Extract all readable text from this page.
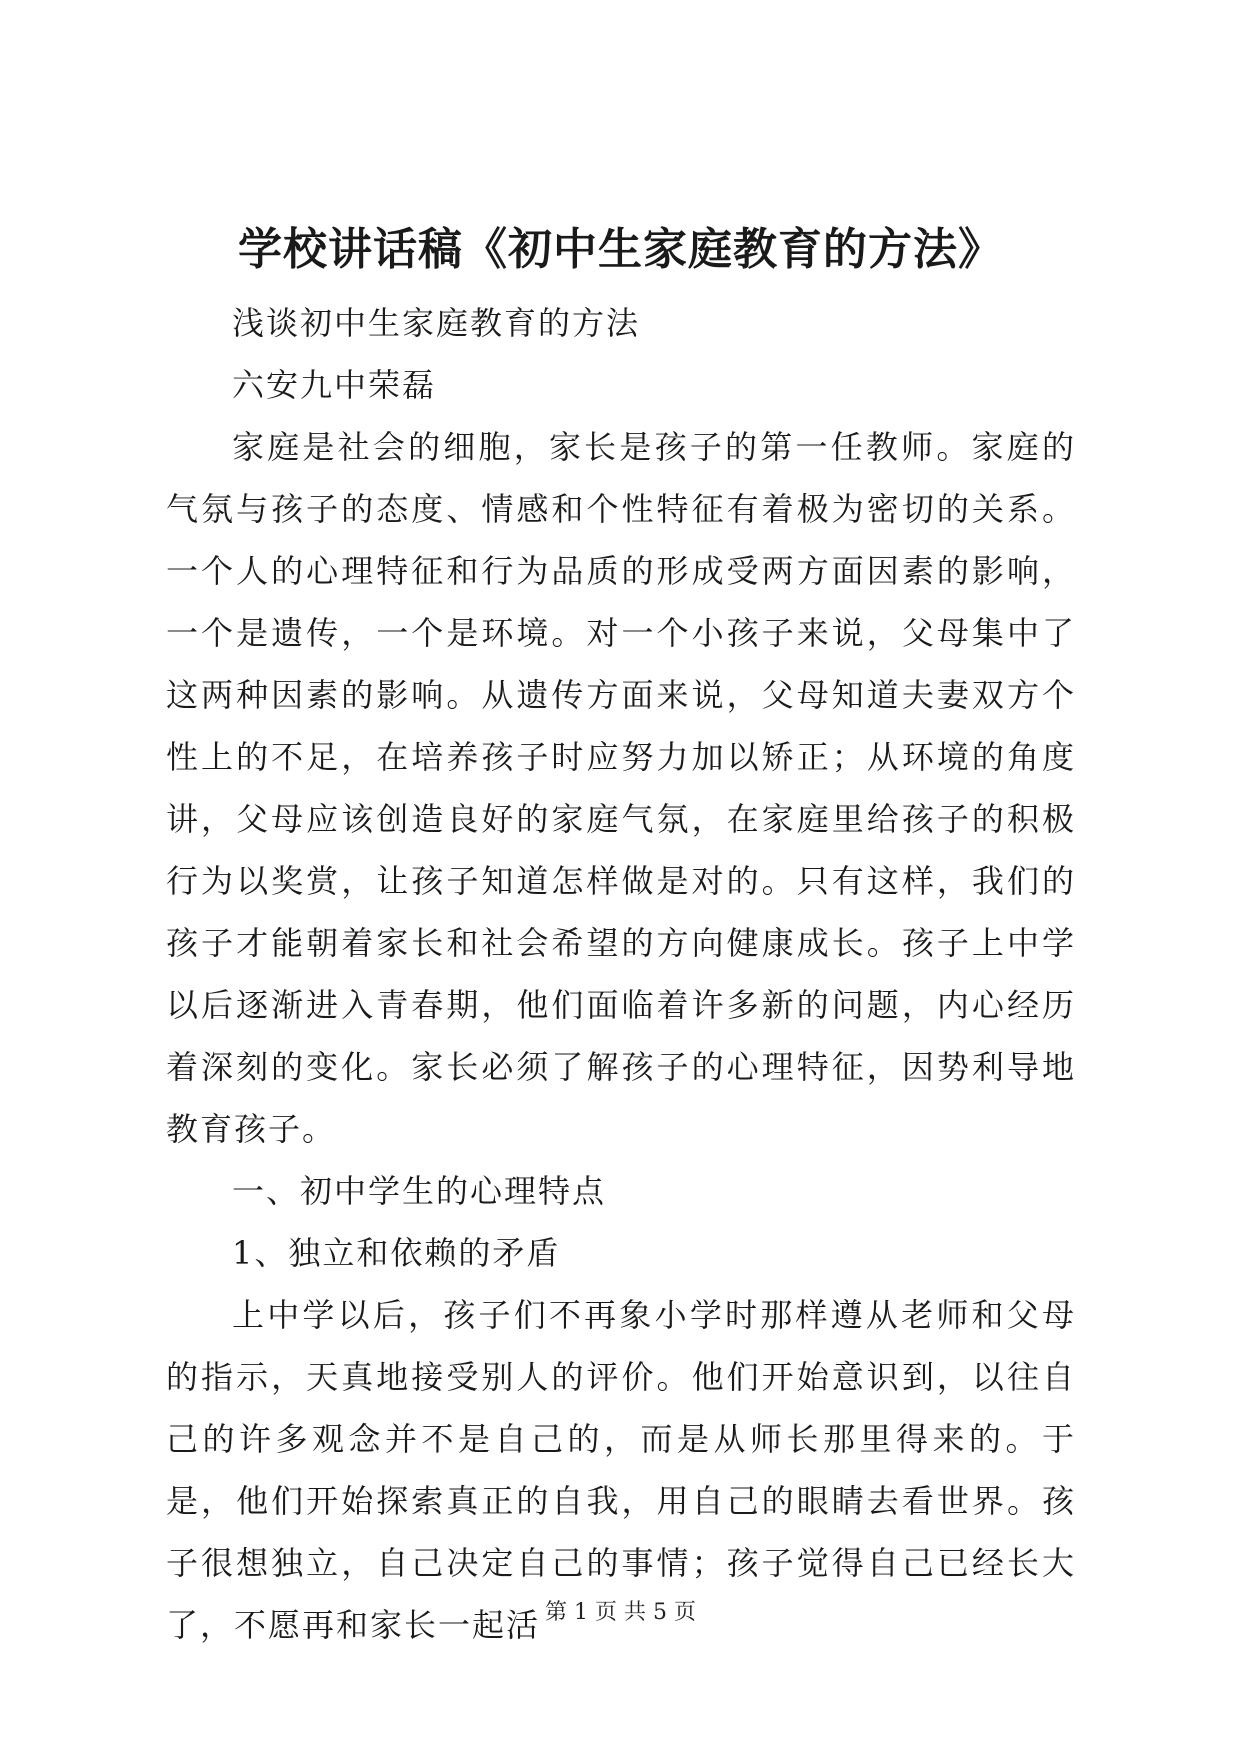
学校讲话稿《初中生家庭教育的方法》

浅谈初中生家庭教育的方法

六安九中荣磊

家庭是社会的细胞，家长是孩子的第一任教师。家庭的气氛与孩子的态度、情感和个性特征有着极为密切的关系。一个人的心理特征和行为品质的形成受两方面因素的影响，一个是遗传，一个是环境。对一个小孩子来说，父母集中了这两种因素的影响。从遗传方面来说，父母知道夫妻双方个性上的不足，在培养孩子时应努力加以矫正；从环境的角度讲，父母应该创造良好的家庭气氛，在家庭里给孩子的积极行为以奖赏，让孩子知道怎样做是对的。只有这样，我们的孩子才能朝着家长和社会希望的方向健康成长。孩子上中学以后逐渐进入青春期，他们面临着许多新的问题，内心经历着深刻的变化。家长必须了解孩子的心理特征，因势利导地教育孩子。

一、初中学生的心理特点

1、独立和依赖的矛盾

上中学以后，孩子们不再象小学时那样遵从老师和父母的指示，天真地接受别人的评价。他们开始意识到，以往自己的许多观念并不是自己的，而是从师长那里得来的。于是，他们开始探索真正的自我，用自己的眼睛去看世界。孩子很想独立，自己决定自己的事情；孩子觉得自己已经长大了，不愿再和家长一起活 第 1 页 共 5 页
